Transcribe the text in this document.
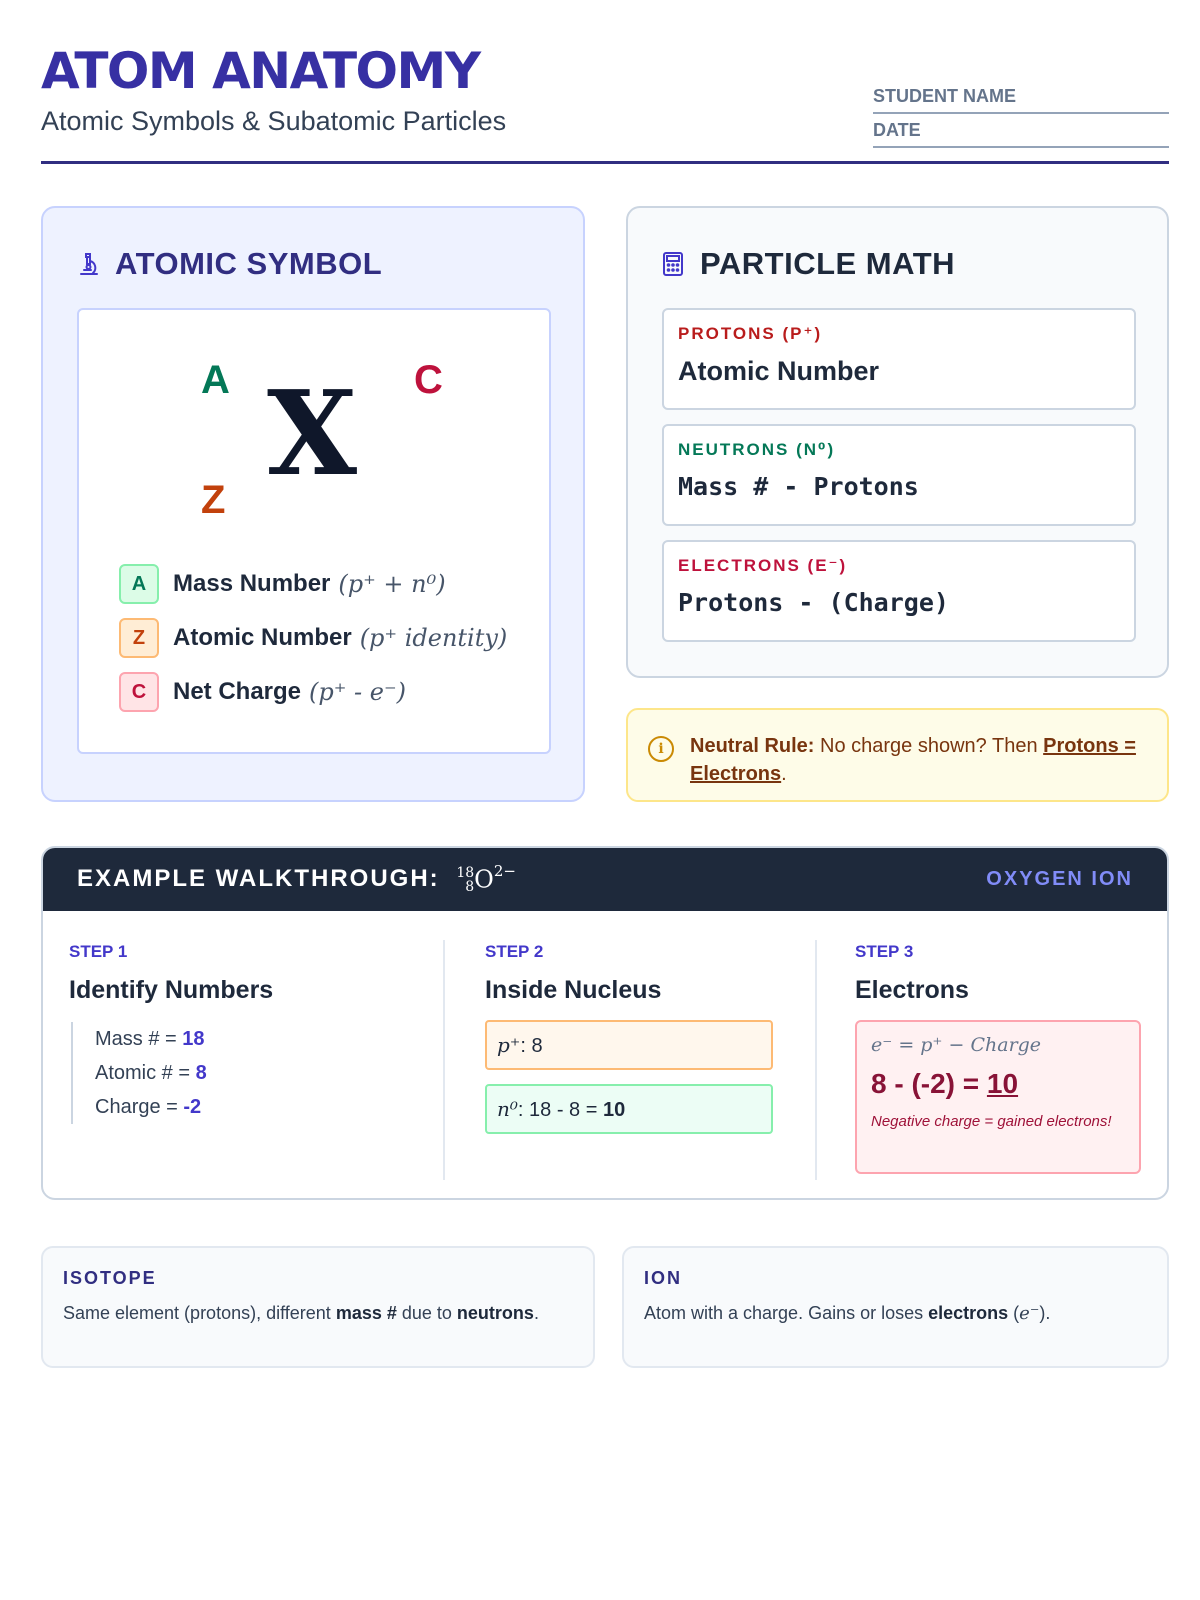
ATOM ANATOMY
Atomic Symbols & Subatomic Particles
STUDENT NAME
DATE
ATOMIC SYMBOL
A	C
Z X
A	Mass Number (p⁺ + n⁰)
Z	Atomic Number (p⁺ identity)
C	Net Charge (p⁺ - e⁻)
PARTICLE MATH
PROTONS (P⁺)
Atomic Number
NEUTRONS (N⁰)
Mass # - Protons
ELECTRONS (E⁻)
Protons - (Charge)
i	Neutral Rule: No charge shown? Then Protons = Electrons.
EXAMPLE WALKTHROUGH: 18
8 $O^{2-}$	OXYGEN ION
STEP 1
Identify Numbers
Mass # = 18
Atomic # = 8
Charge = -2
STEP 2
Inside Nucleus
p⁺: 8
n⁰: 18 - 8 = 10
STEP 3
Electrons
e⁻ = p⁺ − Charge
8 - (-2) = 10
Negative charge = gained electrons!
ISOTOPE
Same element (protons), different mass # due to neutrons.
ION
Atom with a charge. Gains or loses electrons (e⁻).
